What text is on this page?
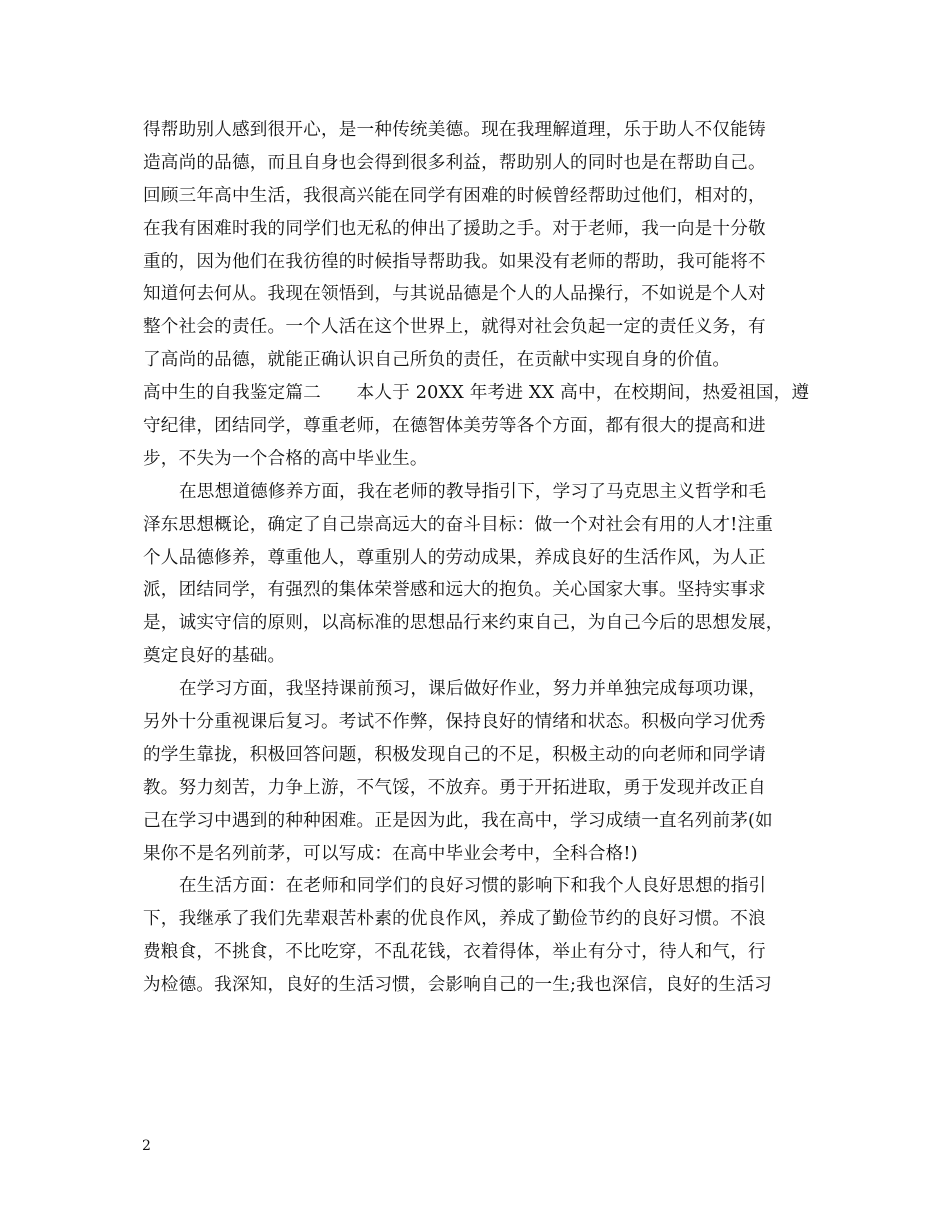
得帮助别人感到很开心，是一种传统美德。现在我理解道理，乐于助人不仅能铸
造高尚的品德，而且自身也会得到很多利益，帮助别人的同时也是在帮助自己。
回顾三年高中生活，我很高兴能在同学有困难的时候曾经帮助过他们，相对的，
在我有困难时我的同学们也无私的伸出了援助之手。对于老师，我一向是十分敬
重的，因为他们在我彷徨的时候指导帮助我。如果没有老师的帮助，我可能将不
知道何去何从。我现在领悟到，与其说品德是个人的人品操行，不如说是个人对
整个社会的责任。一个人活在这个世界上，就得对社会负起一定的责任义务，有
了高尚的品德，就能正确认识自己所负的责任，在贡献中实现自身的价值。
高中生的自我鉴定篇二　　本人于 20XX 年考进 XX 高中，在校期间，热爱祖国，遵
守纪律，团结同学，尊重老师，在德智体美劳等各个方面，都有很大的提高和进
步，不失为一个合格的高中毕业生。
在思想道德修养方面，我在老师的教导指引下，学习了马克思主义哲学和毛
泽东思想概论，确定了自己崇高远大的奋斗目标：做一个对社会有用的人才!注重
个人品德修养，尊重他人，尊重别人的劳动成果，养成良好的生活作风，为人正
派，团结同学，有强烈的集体荣誉感和远大的抱负。关心国家大事。坚持实事求
是，诚实守信的原则，以高标准的思想品行来约束自己，为自己今后的思想发展，
奠定良好的基础。
在学习方面，我坚持课前预习，课后做好作业，努力并单独完成每项功课，
另外十分重视课后复习。考试不作弊，保持良好的情绪和状态。积极向学习优秀
的学生靠拢，积极回答问题，积极发现自己的不足，积极主动的向老师和同学请
教。努力刻苦，力争上游，不气馁，不放弃。勇于开拓进取，勇于发现并改正自
己在学习中遇到的种种困难。正是因为此，我在高中，学习成绩一直名列前茅(如
果你不是名列前茅，可以写成：在高中毕业会考中，全科合格!)
在生活方面：在老师和同学们的良好习惯的影响下和我个人良好思想的指引
下，我继承了我们先辈艰苦朴素的优良作风，养成了勤俭节约的良好习惯。不浪
费粮食，不挑食，不比吃穿，不乱花钱，衣着得体，举止有分寸，待人和气，行
为检德。我深知，良好的生活习惯，会影响自己的一生;我也深信，良好的生活习
2
